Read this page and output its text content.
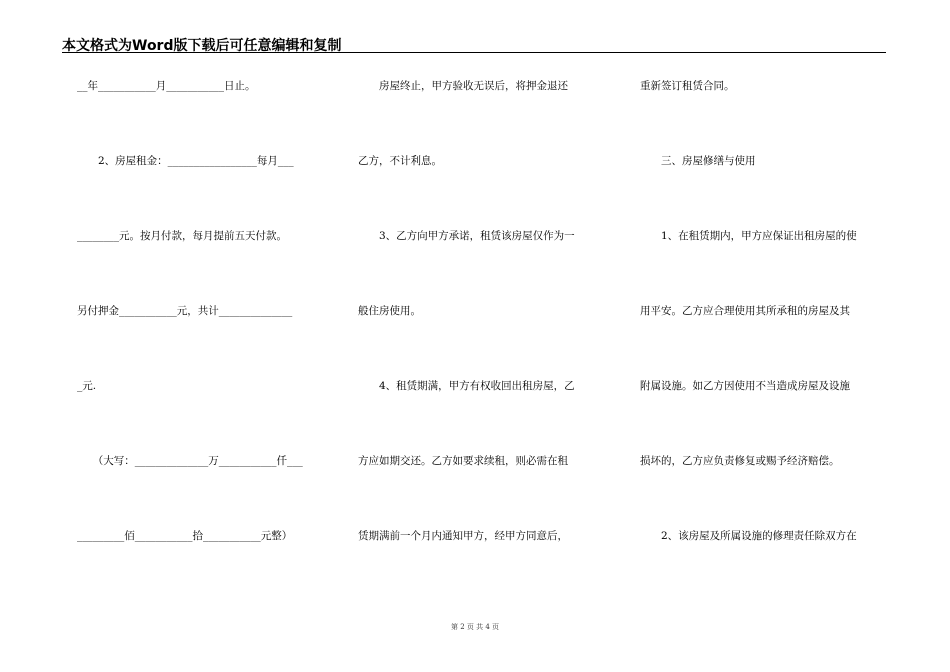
本文格式为Word版下载后可任意编辑和复制
__年___________月___________日止。
　　2、房屋租金：_________________每月___
________元。按月付款，每月提前五天付款。
另付押金___________元，共计______________
_元.
　　（大写：______________万___________仟___
_________佰___________拾___________元整）
　　房屋终止，甲方验收无误后，将押金退还
乙方，不计利息。
　　3、乙方向甲方承诺，租赁该房屋仅作为一
般住房使用。
　　4、租赁期满，甲方有权收回出租房屋，乙
方应如期交还。乙方如要求续租，则必需在租
赁期满前一个月内通知甲方，经甲方同意后，
重新签订租赁合同。
　　三、房屋修缮与使用
　　1、在租赁期内，甲方应保证出租房屋的使
用平安。乙方应合理使用其所承租的房屋及其
附属设施。如乙方因使用不当造成房屋及设施
损坏的，乙方应负责修复或赐予经济赔偿。
　　2、该房屋及所属设施的修理责任除双方在
第 2 页 共 4 页
